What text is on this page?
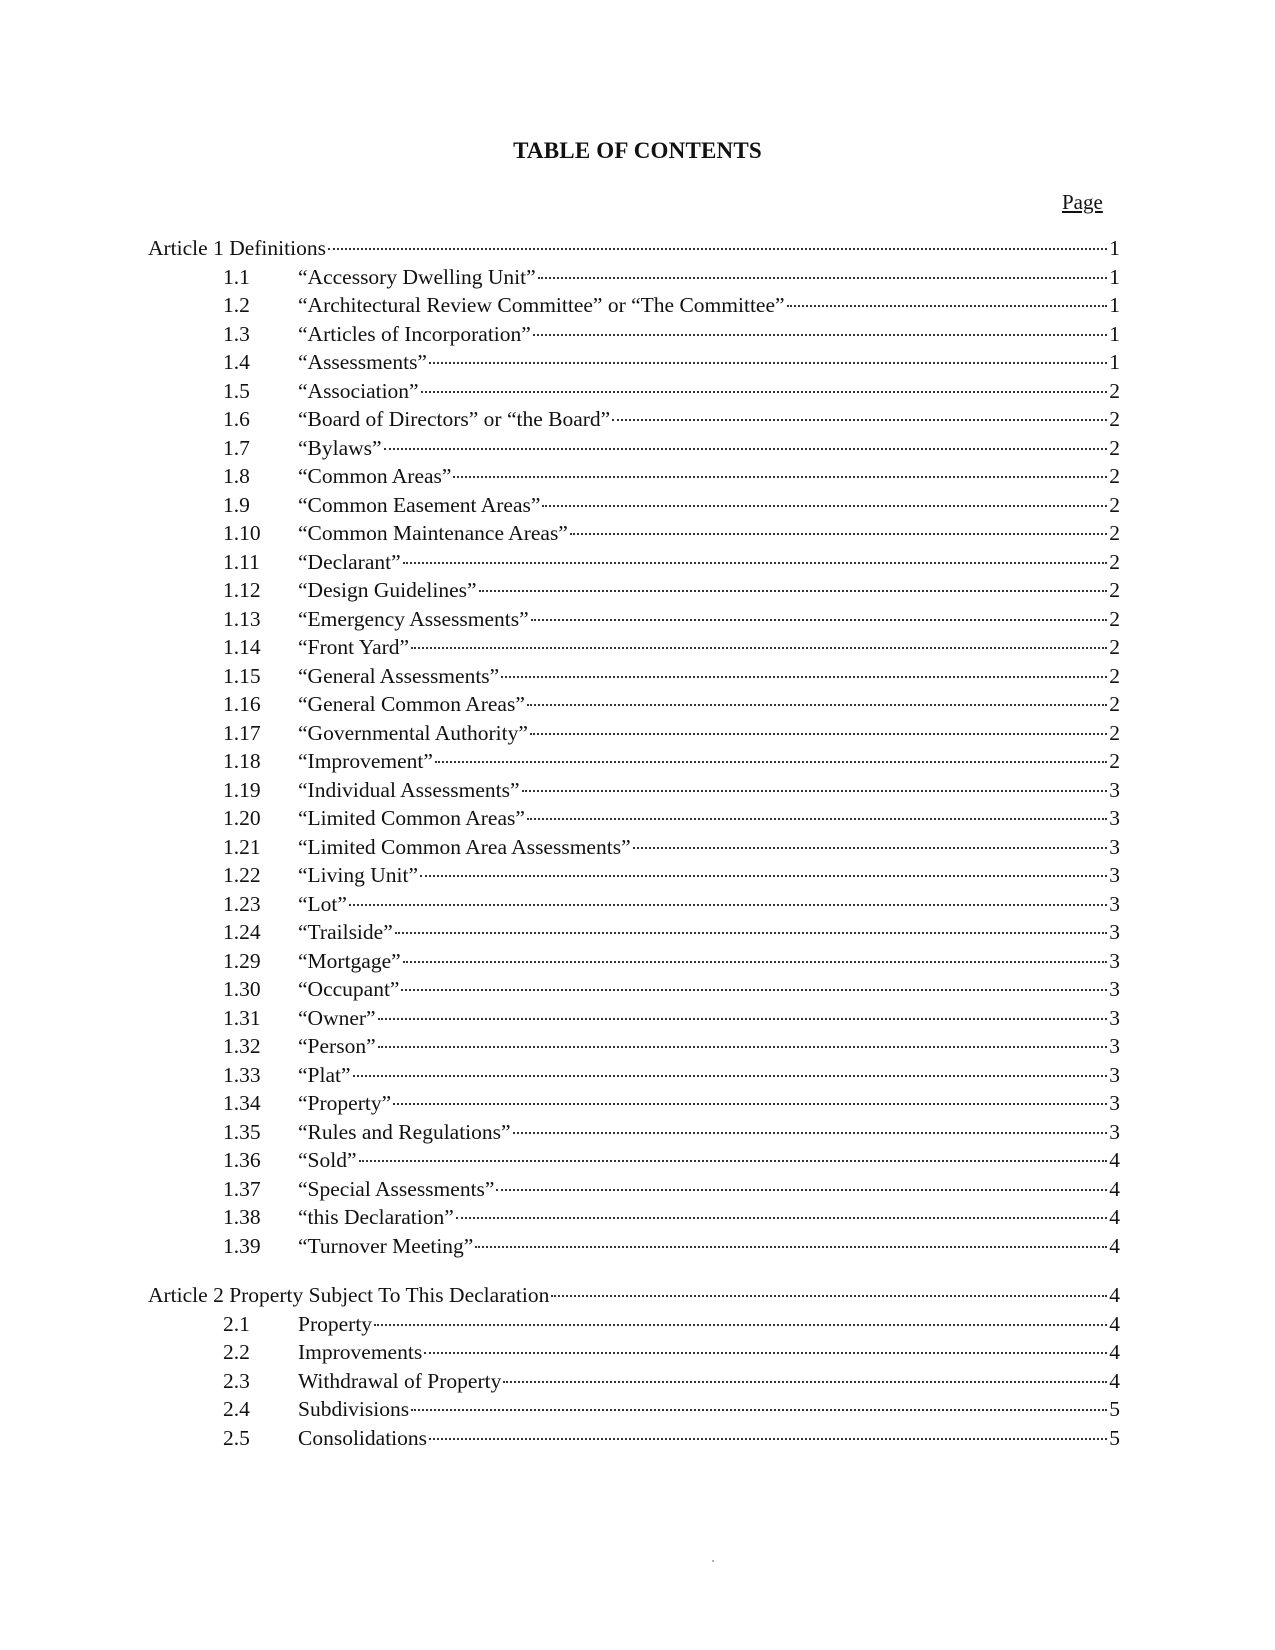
TABLE OF CONTENTS
Page
Article 1 Definitions	1
1.1	“Accessory Dwelling Unit”	1
1.2	“Architectural Review Committee” or “The Committee”	1
1.3	“Articles of Incorporation”	1
1.4	“Assessments”	1
1.5	“Association”	2
1.6	“Board of Directors” or “the Board”	2
1.7	“Bylaws”	2
1.8	“Common Areas”	2
1.9	“Common Easement Areas”	2
1.10	“Common Maintenance Areas”	2
1.11	“Declarant”	2
1.12	“Design Guidelines”	2
1.13	“Emergency Assessments”	2
1.14	“Front Yard”	2
1.15	“General Assessments”	2
1.16	“General Common Areas”	2
1.17	“Governmental Authority”	2
1.18	“Improvement”	2
1.19	“Individual Assessments”	3
1.20	“Limited Common Areas”	3
1.21	“Limited Common Area Assessments”	3
1.22	“Living Unit”	3
1.23	“Lot”	3
1.24	“Trailside”	3
1.29	“Mortgage”	3
1.30	“Occupant”	3
1.31	“Owner”	3
1.32	“Person”	3
1.33	“Plat”	3
1.34	“Property”	3
1.35	“Rules and Regulations”	3
1.36	“Sold”	4
1.37	“Special Assessments”	4
1.38	“this Declaration”	4
1.39	“Turnover Meeting”	4
Article 2 Property Subject To This Declaration	4
2.1	Property	4
2.2	Improvements	4
2.3	Withdrawal of Property	4
2.4	Subdivisions	5
2.5	Consolidations	5
